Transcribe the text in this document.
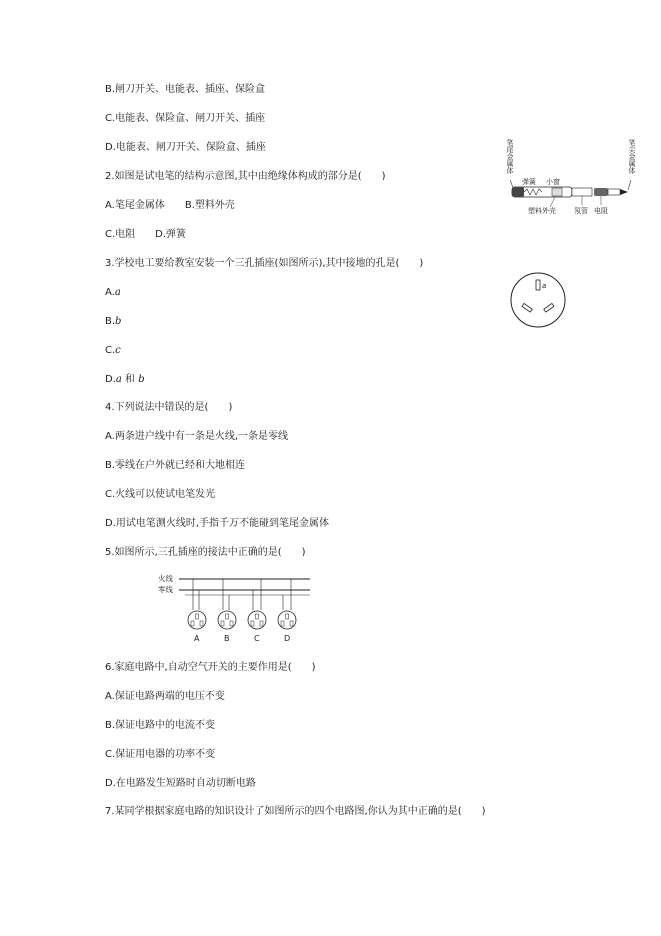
B.闸刀开关、电能表、插座、保险盒
C.电能表、保险盒、闸刀开关、插座
D.电能表、闸刀开关、保险盒、插座
2.如图是试电笔的结构示意图,其中由绝缘体构成的部分是(　　)
A.笔尾金属体　　B.塑料外壳
C.电阻　　D.弹簧
笔尾金属体	笔尖金属体
弹簧 小窗
塑料外壳	氖管 电阻
3.学校电工要给教室安装一个三孔插座(如图所示),其中接地的孔是(　　)
A.a
B.b
C.c
D.a 和 b
a
4.下列说法中错误的是(　　)
A.两条进户线中有一条是火线,一条是零线
B.零线在户外就已经和大地相连
C.火线可以使试电笔发光
D.用试电笔测火线时,手指千万不能碰到笔尾金属体
5.如图所示,三孔插座的接法中正确的是(　　)
火线
零线
A	B	C	D
6.家庭电路中,自动空气开关的主要作用是(　　)
A.保证电路两端的电压不变
B.保证电路中的电流不变
C.保证用电器的功率不变
D.在电路发生短路时自动切断电路
7.某同学根据家庭电路的知识设计了如图所示的四个电路图,你认为其中正确的是(　　)
